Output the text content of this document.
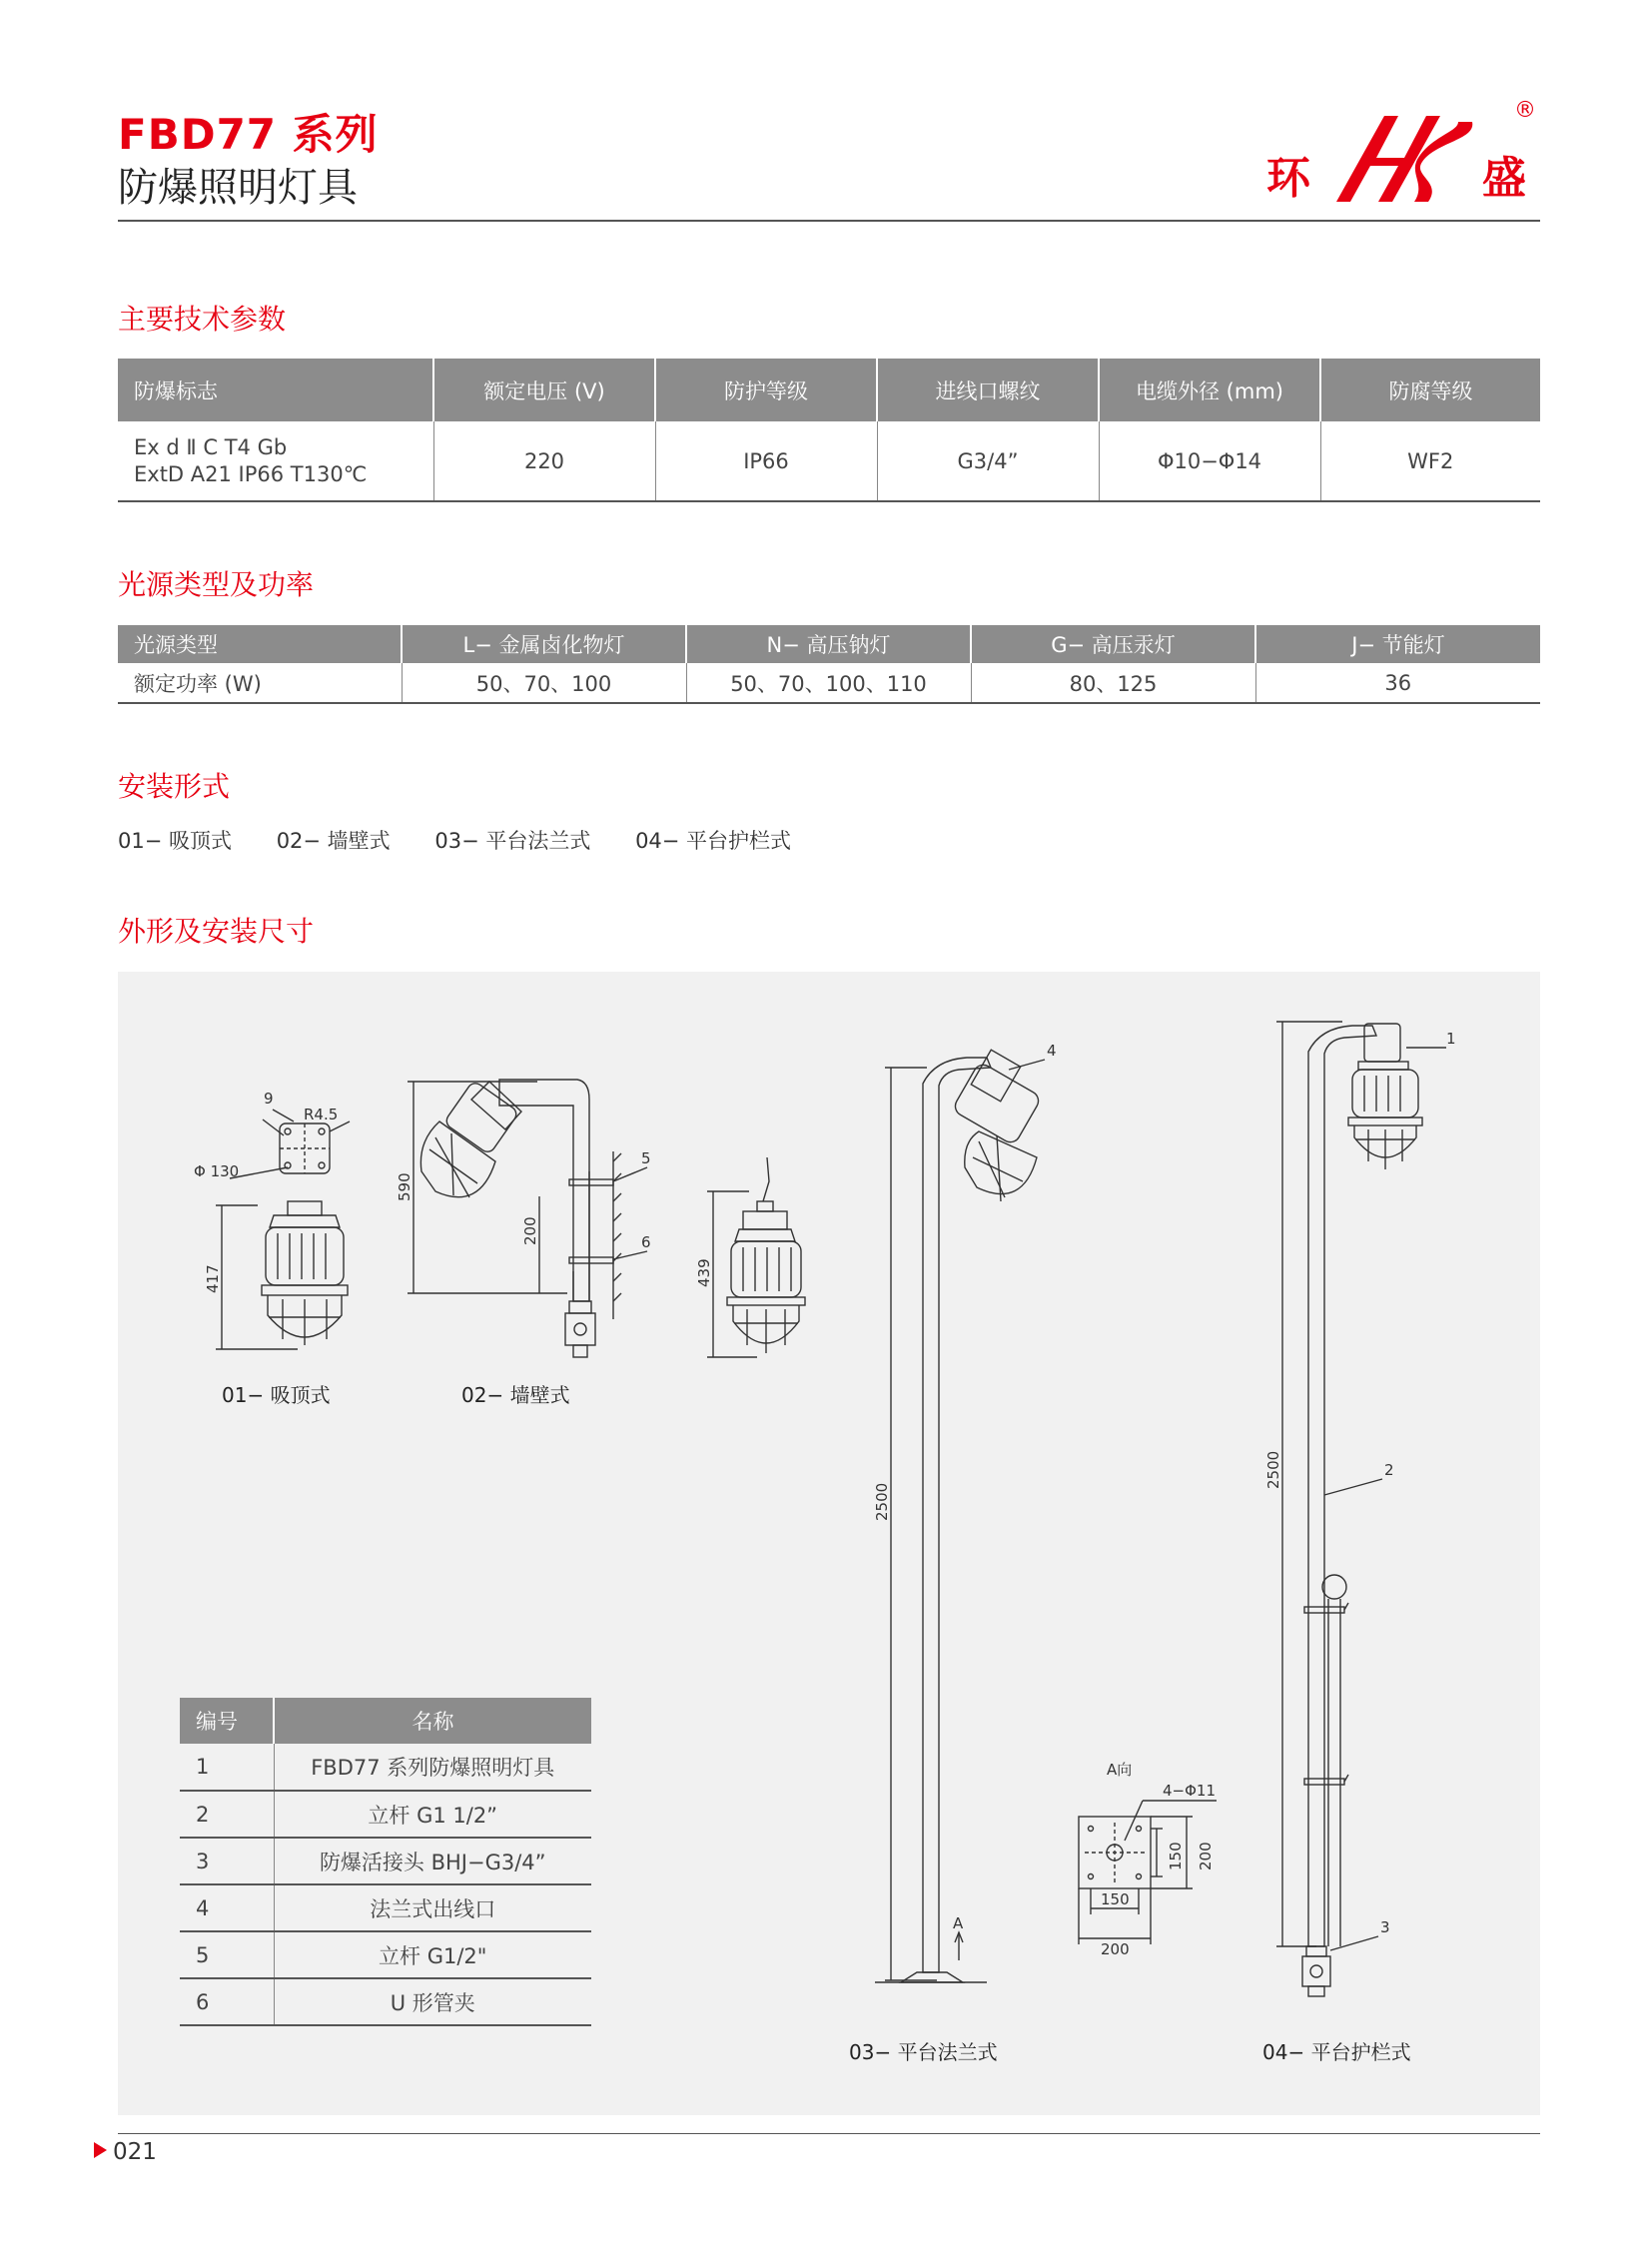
FBD77 系列
防爆照明灯具	环	盛
®
主要技术参数
防爆标志	额定电压 (V)	防护等级	进线口螺纹	电缆外径 (mm)	防腐等级

Ex d Ⅱ C T4 Gb
ExtD A21 IP66 T130℃	220	IP66	G3/4”	Φ10−Φ14	WF2
光源类型及功率
光源类型	L− 金属卤化物灯	N− 高压钠灯	G− 高压汞灯	J− 节能灯
额定功率 (W)	50、70、100	50、70、100、110	80、125	36
安装形式
01− 吸顶式 02− 墙壁式 03− 平台法兰式 04− 平台护栏式
外形及安装尺寸
9
R4.5
Φ 130
417
590
200
439
2500
2500
A向
4−Φ11
150 200
150
200
A
1
2
3
4
5
6
01− 吸顶式	02− 墙壁式
03− 平台法兰式	04− 平台护栏式
编号	名称
1	FBD77 系列防爆照明灯具
2	立杆 G1 1/2”
3	防爆活接头 BHJ−G3/4”
4	法兰式出线口
5	立杆 G1/2"
6	U 形管夹
021
